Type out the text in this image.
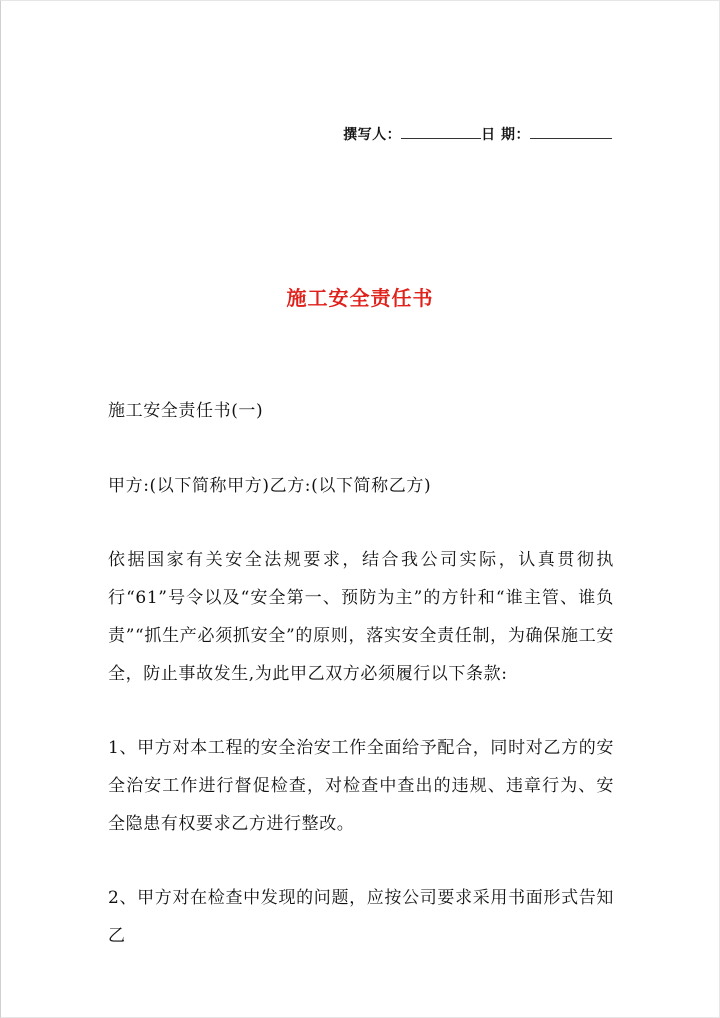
撰写人：	日 期：
施工安全责任书
施工安全责任书(一)
甲方:(以下简称甲方)乙方:(以下简称乙方)
依据国家有关安全法规要求，结合我公司实际，认真贯彻执行“61”号令以及“安全第一、预防为主”的方针和“谁主管、谁负责”“抓生产必须抓安全”的原则，落实安全责任制，为确保施工安全，防止事故发生,为此甲乙双方必须履行以下条款:
1、甲方对本工程的安全治安工作全面给予配合，同时对乙方的安全治安工作进行督促检查，对检查中查出的违规、违章行为、安全隐患有权要求乙方进行整改。
2、甲方对在检查中发现的问题，应按公司要求采用书面形式告知乙
